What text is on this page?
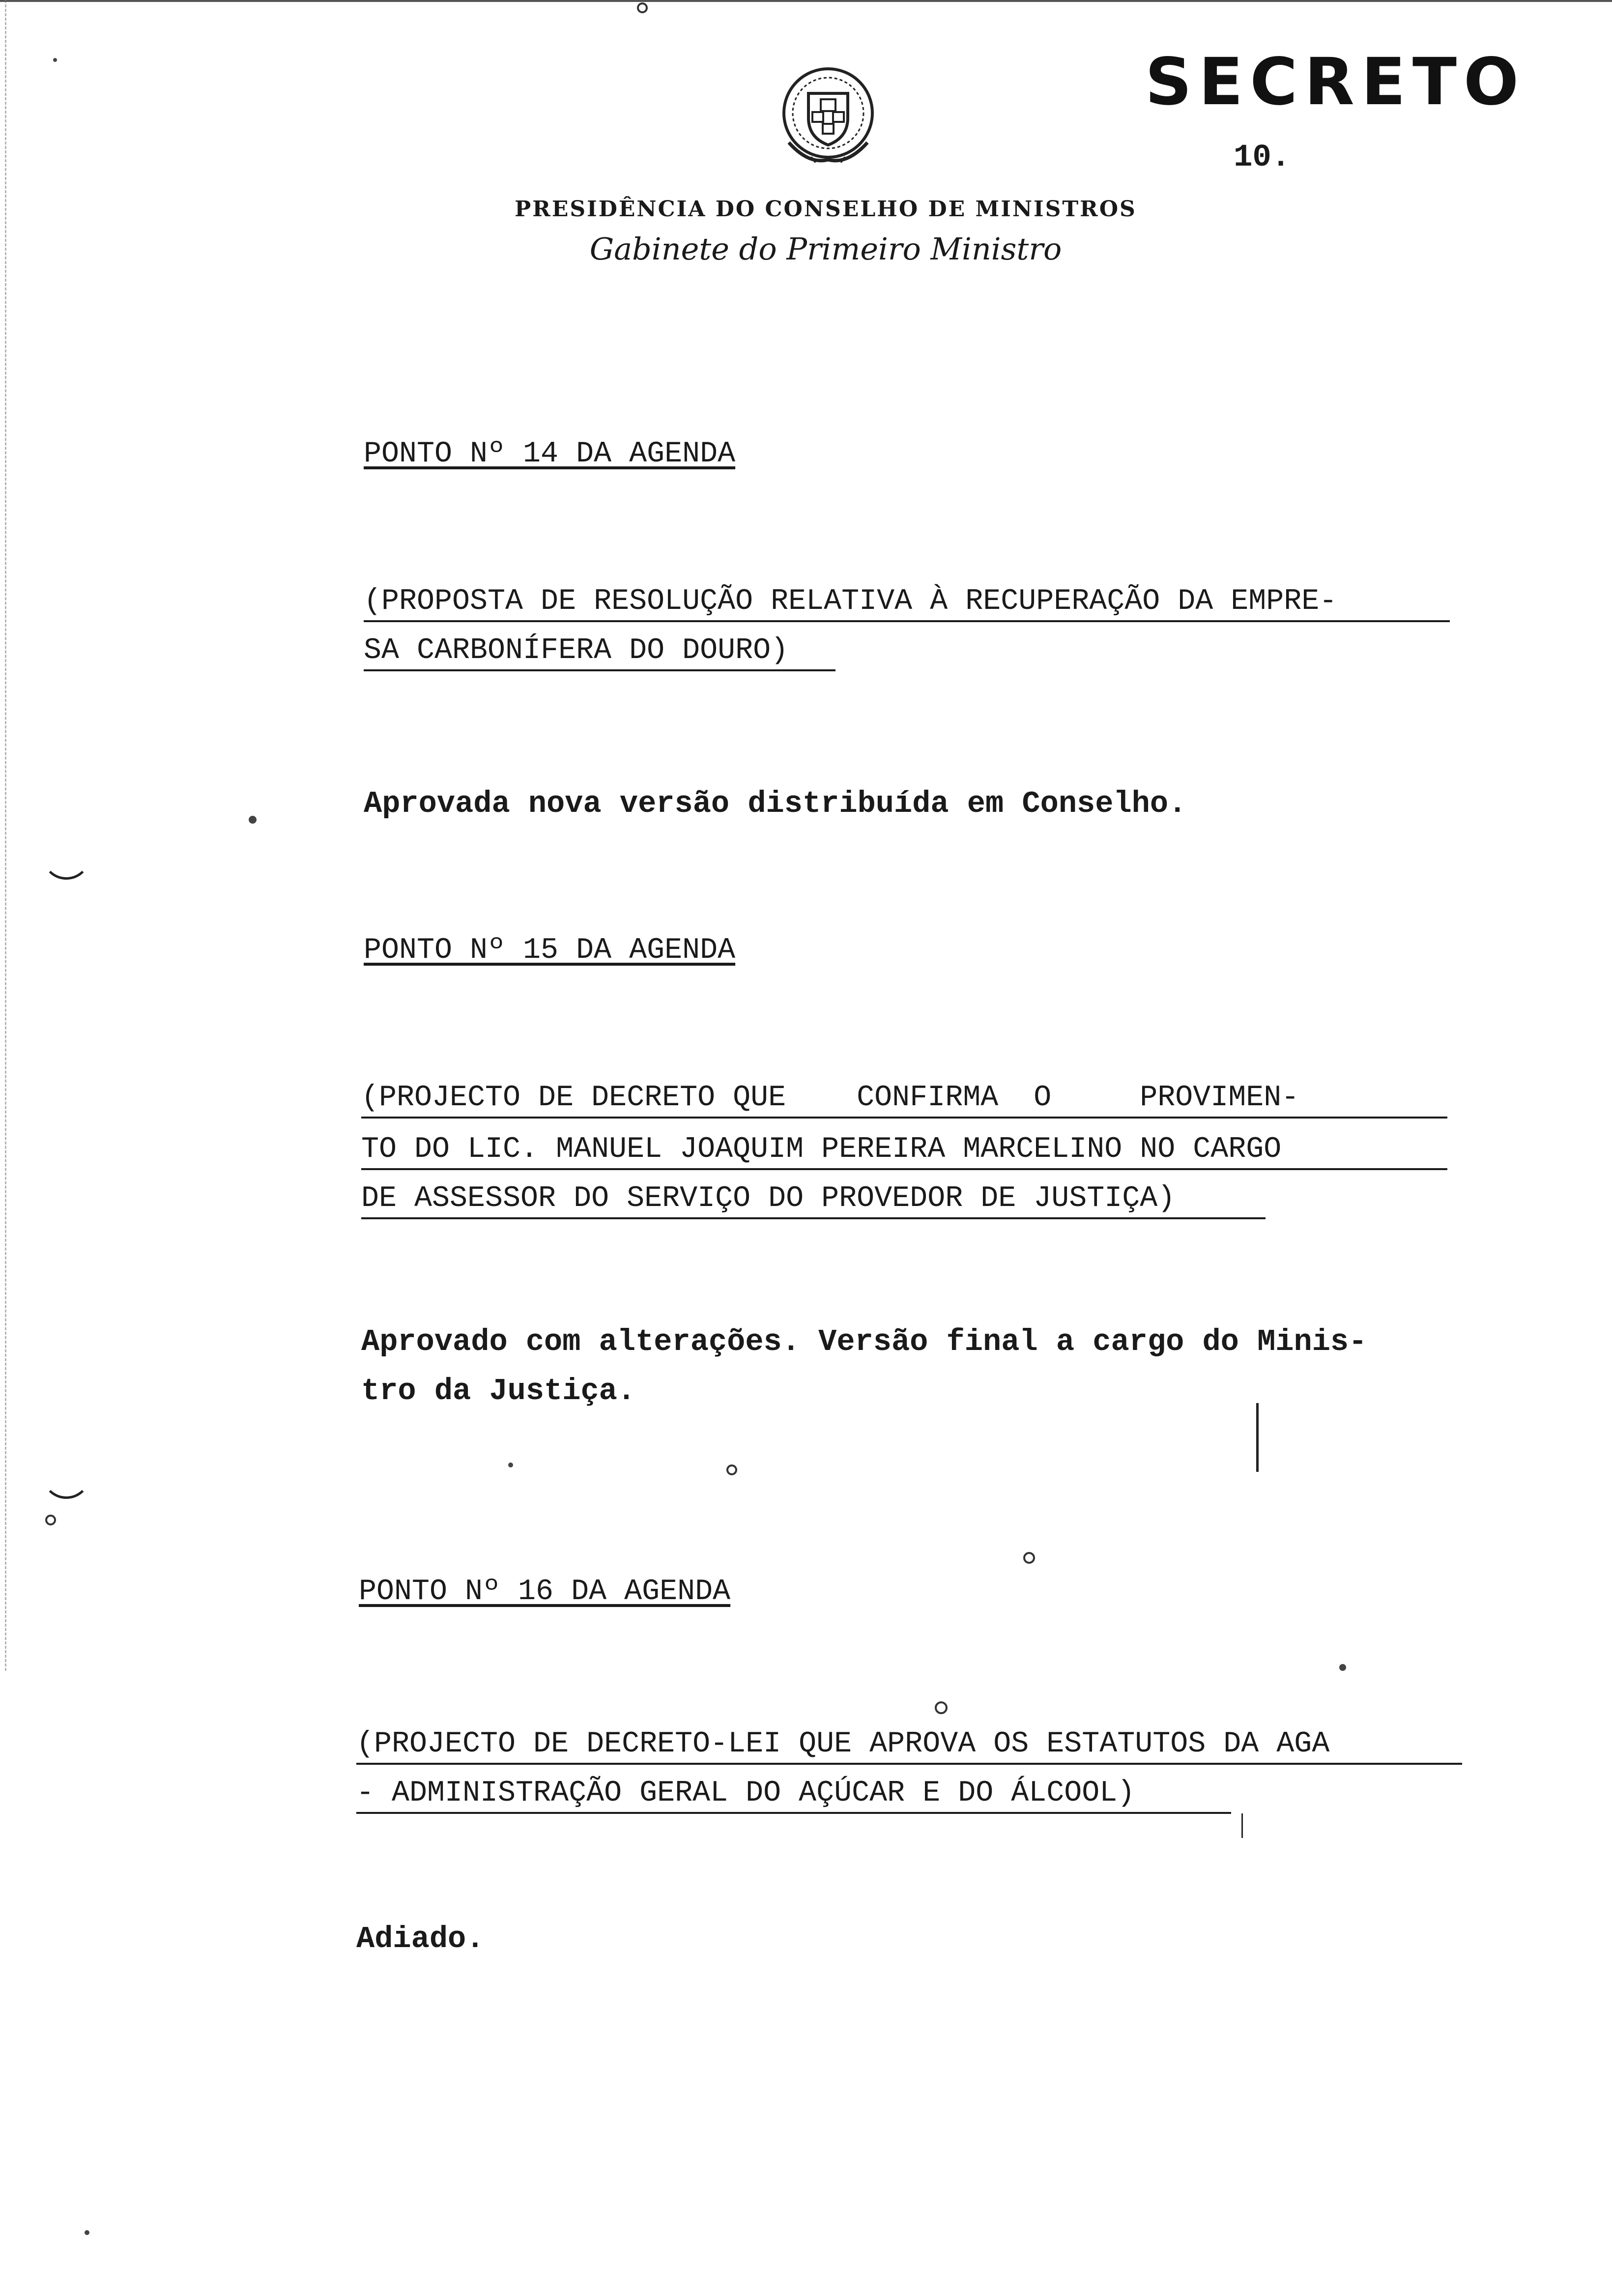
SECRETO
10.
PRESIDÊNCIA DO CONSELHO DE MINISTROS
Gabinete do Primeiro Ministro
PONTO Nº 14 DA AGENDA
(PROPOSTA DE RESOLUÇÃO RELATIVA À RECUPERAÇÃO DA EMPRE-
SA CARBONÍFERA DO DOURO)
Aprovada nova versão distribuída em Conselho.
PONTO Nº 15 DA AGENDA
(PROJECTO DE DECRETO QUE    CONFIRMA  O     PROVIMEN-
TO DO LIC. MANUEL JOAQUIM PEREIRA MARCELINO NO CARGO
DE ASSESSOR DO SERVIÇO DO PROVEDOR DE JUSTIÇA)
Aprovado com alterações. Versão final a cargo do Minis-
tro da Justiça.
PONTO Nº 16 DA AGENDA
(PROJECTO DE DECRETO-LEI QUE APROVA OS ESTATUTOS DA AGA
- ADMINISTRAÇÃO GERAL DO AÇÚCAR E DO ÁLCOOL)
Adiado.
